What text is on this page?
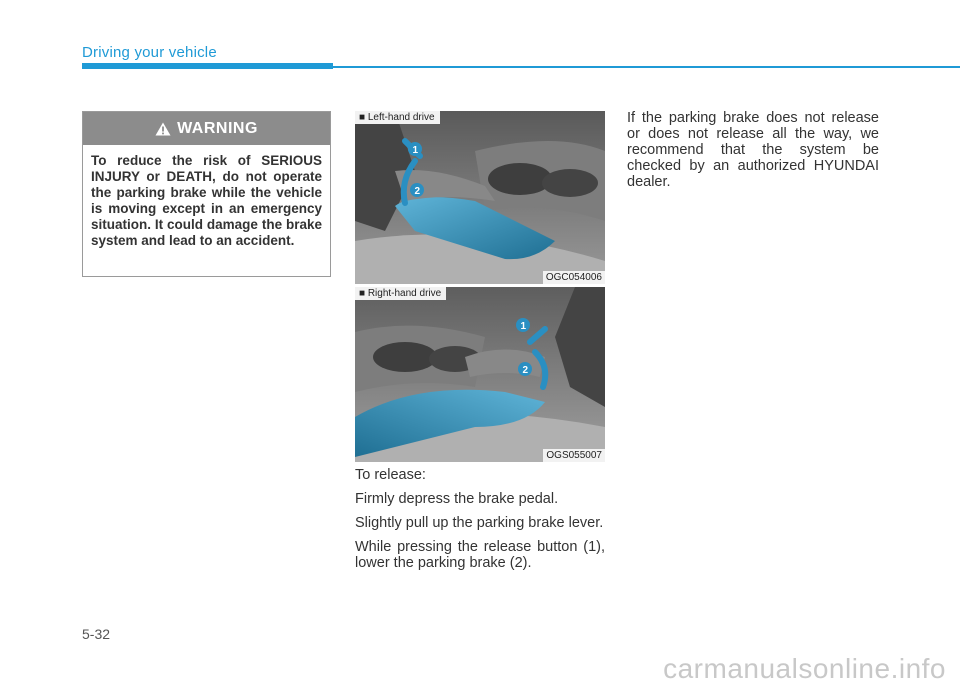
Driving your vehicle
WARNING
To reduce the risk of SERIOUS INJURY or DEATH, do not operate the parking brake while the vehicle is moving except in an emergency situation. It could damage the brake system and lead to an accident.
1
2
■ Left-hand drive
OGC054006
1
2
■ Right-hand drive
OGS055007

To release:

Firmly depress the brake pedal.

Slightly pull up the parking brake lever.

While pressing the release button (1), lower the parking brake (2).

If the parking brake does not release or does not release all the way, we recommend that the system be checked by an authorized HYUNDAI dealer.

5-32
carmanualsonline.info
